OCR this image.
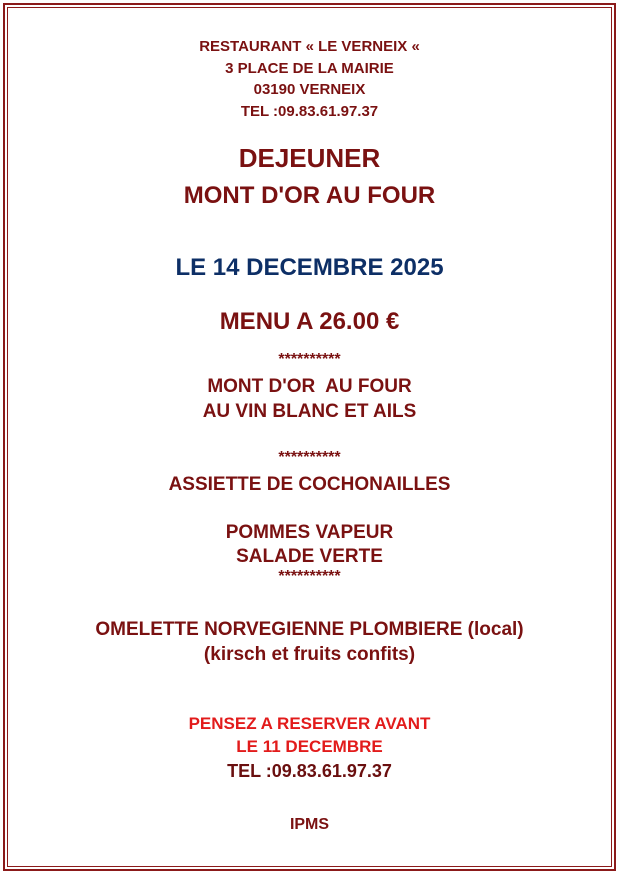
RESTAURANT « LE VERNEIX «
3 PLACE DE LA MAIRIE
03190 VERNEIX
TEL :09.83.61.97.37
DEJEUNER
MONT D'OR AU FOUR
LE 14 DECEMBRE 2025
MENU A 26.00 €
**********
MONT D'OR  AU FOUR
AU VIN BLANC ET AILS
**********
ASSIETTE DE COCHONAILLES
POMMES VAPEUR
SALADE VERTE
**********
OMELETTE NORVEGIENNE PLOMBIERE (local)
(kirsch et fruits confits)
PENSEZ A RESERVER AVANT
LE 11 DECEMBRE
TEL :09.83.61.97.37
IPMS
